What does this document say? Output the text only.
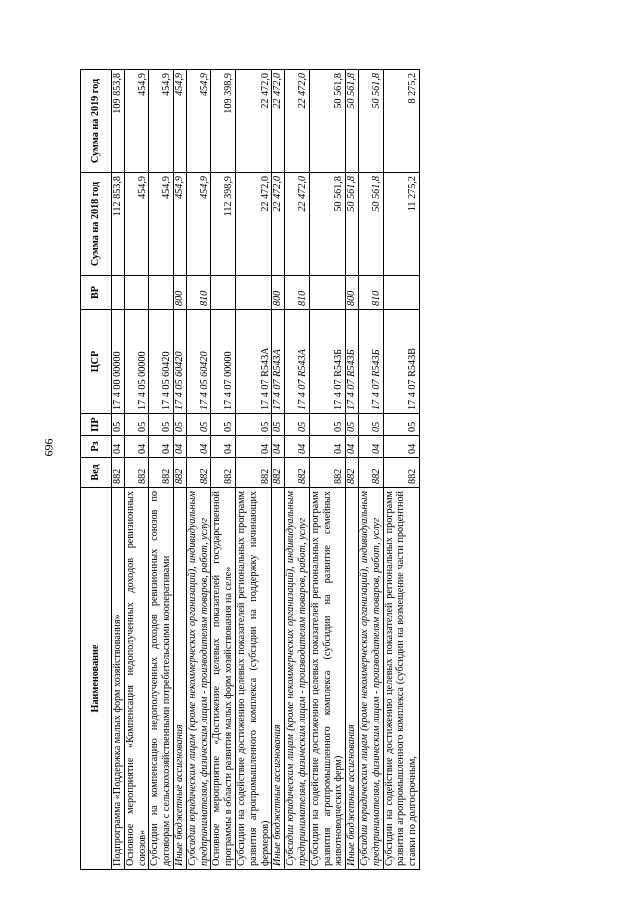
696
Наименование	Вед	Рз	ПР	ЦСР	ВР	Сумма на 2018 год	Сумма на 2019 год
Подпрограмма «Поддержка малых форм хозяйствования»	882	04	05	17 4 00 00000		112 853,8	109 853,8
Основное мероприятие «Компенсация недополученных доходов ревизионных союзов»	882	04	05	17 4 05 00000		454,9	454,9
Субсидии на компенсацию недополученных доходов ревизионных союзов по договорам с сельскохозяйственными потребительскими кооперативами	882	04	05	17 4 05 60420		454,9	454,9
Иные бюджетные ассигнования	882	04	05	17 4 05 60420	800	454,9	454,9
Субсидии юридическим лицам (кроме некоммерческих организаций), индивидуальным предпринимателям, физическим лицам - производителям товаров, работ, услуг	882	04	05	17 4 05 60420	810	454,9	454,9
Основное мероприятие «Достижение целевых показателей государственной программы в области развития малых форм хозяйствования на селе»	882	04	05	17 4 07 00000		112 398,9	109 398,9
Субсидии на содействие достижению целевых показателей региональных программ развития агропромышленного комплекса (субсидии на поддержку начинающих фермеров)	882	04	05	17 4 07 R543А		22 472,0	22 472,0
Иные бюджетные ассигнования	882	04	05	17 4 07 R543А	800	22 472,0	22 472,0
Субсидии юридическим лицам (кроме некоммерческих организаций), индивидуальным предпринимателям, физическим лицам - производителям товаров, работ, услуг	882	04	05	17 4 07 R543А	810	22 472,0	22 472,0
Субсидии на содействие достижению целевых показателей региональных программ развития агропромышленного комплекса (субсидии на развитие семейных животноводческих ферм)	882	04	05	17 4 07 R543Б		50 561,8	50 561,8
Иные бюджетные ассигнования	882	04	05	17 4 07 R543Б	800	50 561,8	50 561,8
Субсидии юридическим лицам (кроме некоммерческих организаций), индивидуальным предпринимателям, физическим лицам - производителям товаров, работ, услуг	882	04	05	17 4 07 R543Б	810	50 561,8	50 561,8
Субсидии на содействие достижению целевых показателей региональных программ развития агропромышленного комплекса (субсидии на возмещение части процентной ставки по долгосрочным,	882	04	05	17 4 07 R543В		11 275,2	8 275,2
